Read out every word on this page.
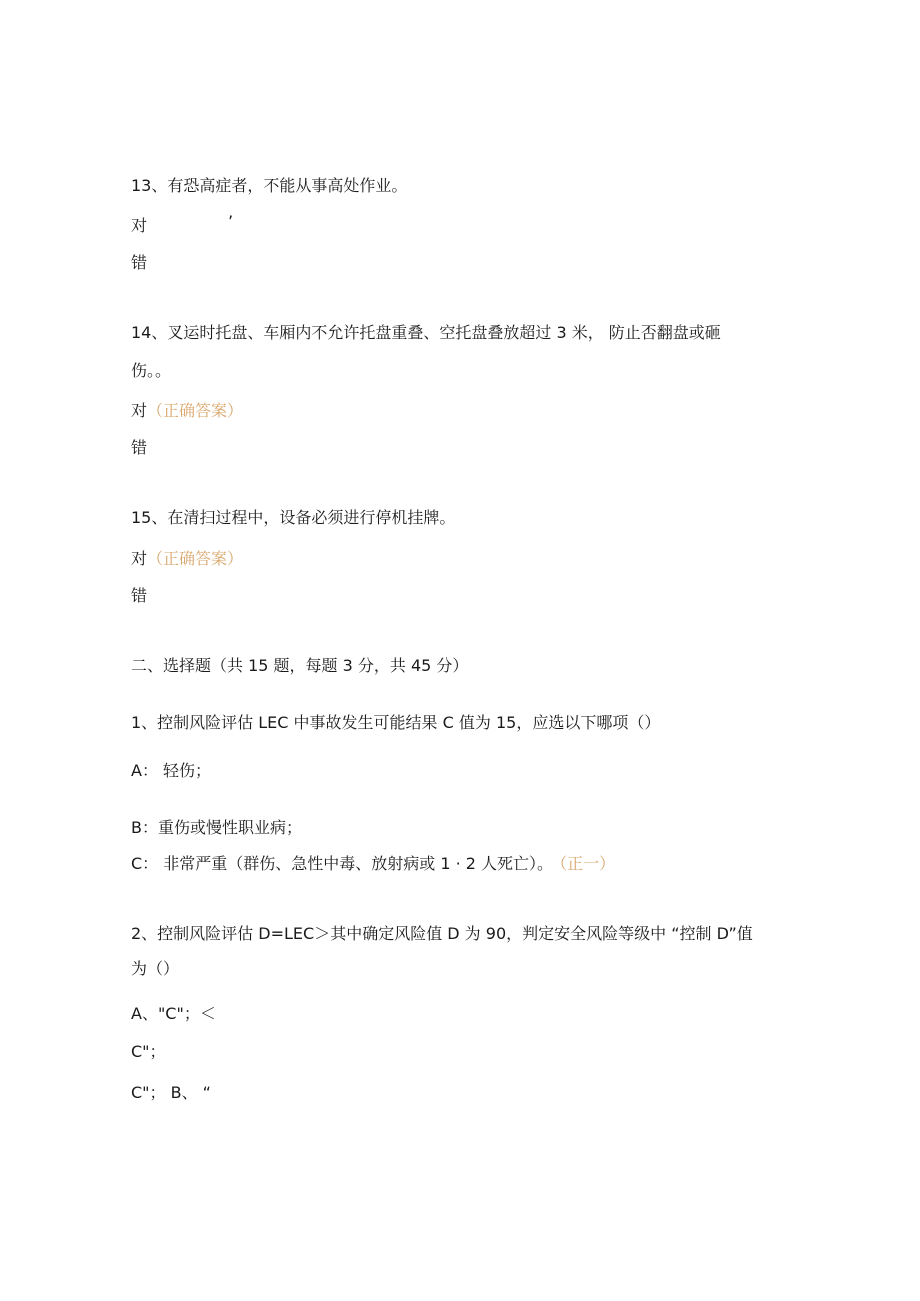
13、有恐高症者，不能从事高处作业。
对	’
错
14、叉运时托盘、车厢内不允许托盘重叠、空托盘叠放超过 3 米， 防止否翻盘或砸
伤。。
对（正确答案）
错
15、在清扫过程中，设备必须进行停机挂牌。
对（正确答案）
错
二、选择题（共 15 题，每题 3 分，共 45 分）
1、控制风险评估 LEC 中事故发生可能结果 C 值为 15，应选以下哪项（）
A： 轻伤；
B：重伤或慢性职业病；
C： 非常严重（群伤、急性中毒、放射病或 1 · 2 人死亡）。 （正一）
2、控制风险评估 D=LEC＞其中确定风险值 D 为 90，判定安全风险等级中 “控制 D”值
为（）
A、"C"；＜
C"；
C"； B、 “
